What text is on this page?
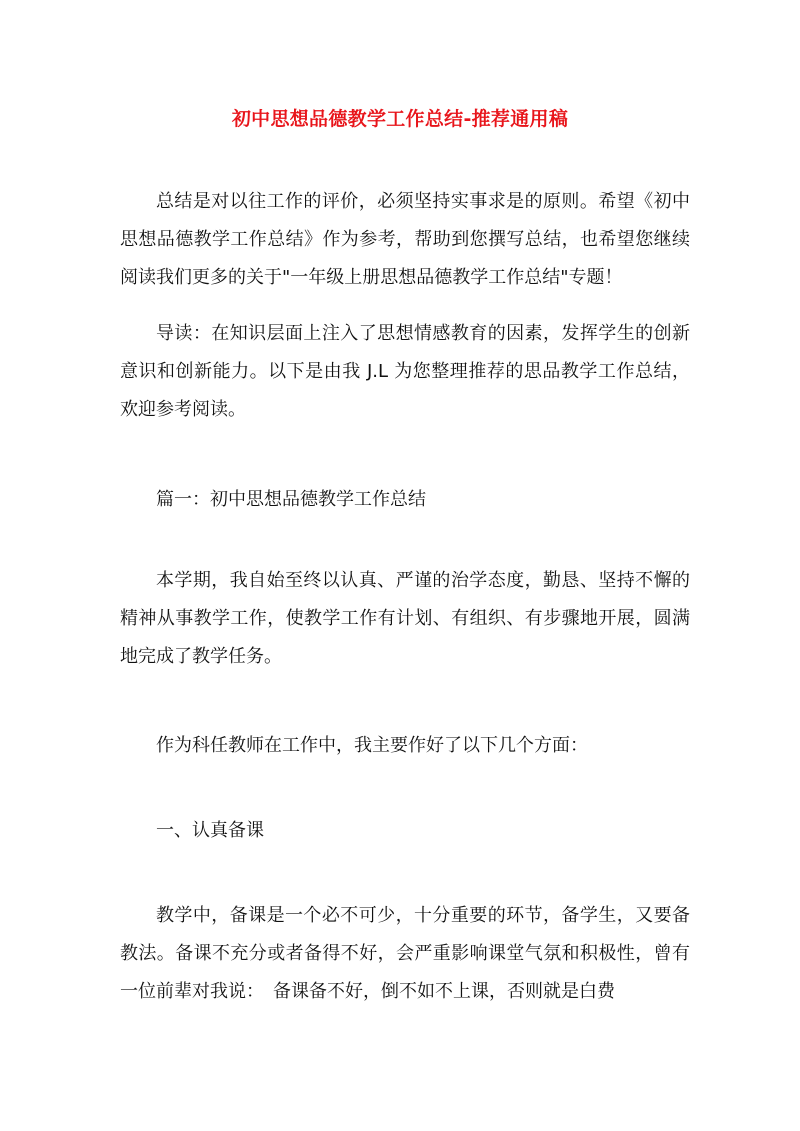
初中思想品德教学工作总结-推荐通用稿

总结是对以往工作的评价，必须坚持实事求是的原则。希望《初中思想品德教学工作总结》作为参考，帮助到您撰写总结，也希望您继续阅读我们更多的关于"一年级上册思想品德教学工作总结"专题！

导读：在知识层面上注入了思想情感教育的因素，发挥学生的创新意识和创新能力。以下是由我 J.L 为您整理推荐的思品教学工作总结，欢迎参考阅读。

篇一：初中思想品德教学工作总结

本学期，我自始至终以认真、严谨的治学态度，勤恳、坚持不懈的精神从事教学工作，使教学工作有计划、有组织、有步骤地开展，圆满地完成了教学任务。

作为科任教师在工作中，我主要作好了以下几个方面：

一、认真备课

教学中，备课是一个必不可少，十分重要的环节，备学生，又要备教法。备课不充分或者备得不好，会严重影响课堂气氛和积极性，曾有一位前辈对我说：　备课备不好，倒不如不上课，否则就是白费
